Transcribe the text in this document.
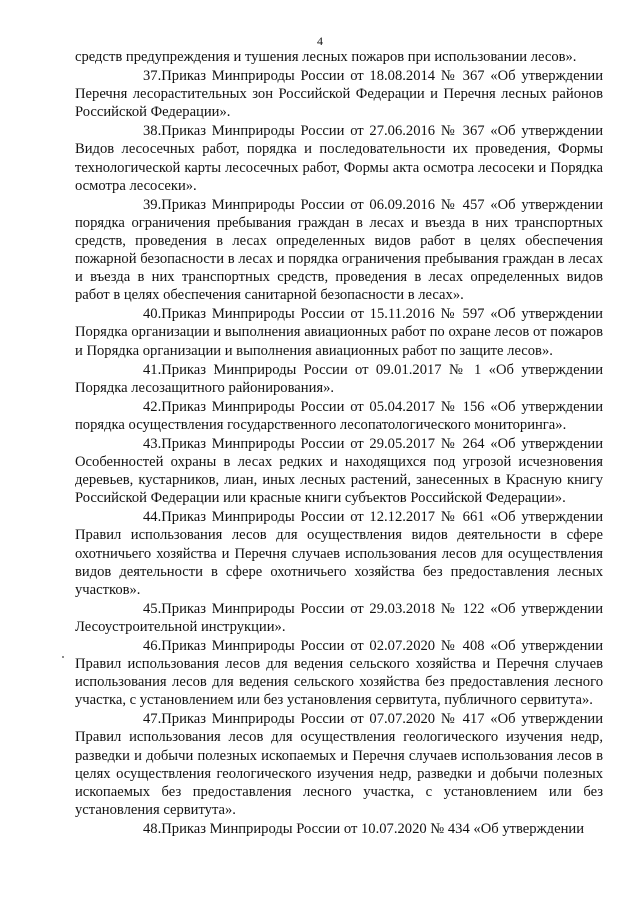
4

средств предупреждения и тушения лесных пожаров при использовании лесов».

37.Приказ Минприроды России от 18.08.2014 № 367 «Об утверждении Перечня лесорастительных зон Российской Федерации и Перечня лесных районов Российской Федерации».

38.Приказ Минприроды России от 27.06.2016 № 367 «Об утверждении Видов лесосечных работ, порядка и последовательности их проведения, Формы технологической карты лесосечных работ, Формы акта осмотра лесосеки и Порядка осмотра лесосеки».

39.Приказ Минприроды России от 06.09.2016 № 457 «Об утверждении порядка ограничения пребывания граждан в лесах и въезда в них транспортных средств, проведения в лесах определенных видов работ в целях обеспечения пожарной безопасности в лесах и порядка ограничения пребывания граждан в лесах и въезда в них транспортных средств, проведения в лесах определенных видов работ в целях обеспечения санитарной безопасности в лесах».

40.Приказ Минприроды России от 15.11.2016 № 597 «Об утверждении Порядка организации и выполнения авиационных работ по охране лесов от пожаров и Порядка организации и выполнения авиационных работ по защите лесов».

41.Приказ Минприроды России от 09.01.2017 № 1 «Об утверждении Порядка лесозащитного районирования».

42.Приказ Минприроды России от 05.04.2017 № 156 «Об утверждении порядка осуществления государственного лесопатологического мониторинга».

43.Приказ Минприроды России от 29.05.2017 № 264 «Об утверждении Особенностей охраны в лесах редких и находящихся под угрозой исчезновения деревьев, кустарников, лиан, иных лесных растений, занесенных в Красную книгу Российской Федерации или красные книги субъектов Российской Федерации».

44.Приказ Минприроды России от 12.12.2017 № 661 «Об утверждении Правил использования лесов для осуществления видов деятельности в сфере охотничьего хозяйства и Перечня случаев использования лесов для осуществления видов деятельности в сфере охотничьего хозяйства без предоставления лесных участков».

45.Приказ Минприроды России от 29.03.2018 № 122 «Об утверждении Лесоустроительной инструкции».

46.Приказ Минприроды России от 02.07.2020 № 408 «Об утверждении Правил использования лесов для ведения сельского хозяйства и Перечня случаев использования лесов для ведения сельского хозяйства без предоставления лесного участка, с установлением или без установления сервитута, публичного сервитута».

47.Приказ Минприроды России от 07.07.2020 № 417 «Об утверждении Правил использования лесов для осуществления геологического изучения недр, разведки и добычи полезных ископаемых и Перечня случаев использования лесов в целях осуществления геологического изучения недр, разведки и добычи полезных ископаемых без предоставления лесного участка, с установлением или без установления сервитута».

48.Приказ Минприроды России от 10.07.2020 № 434 «Об утверждении
